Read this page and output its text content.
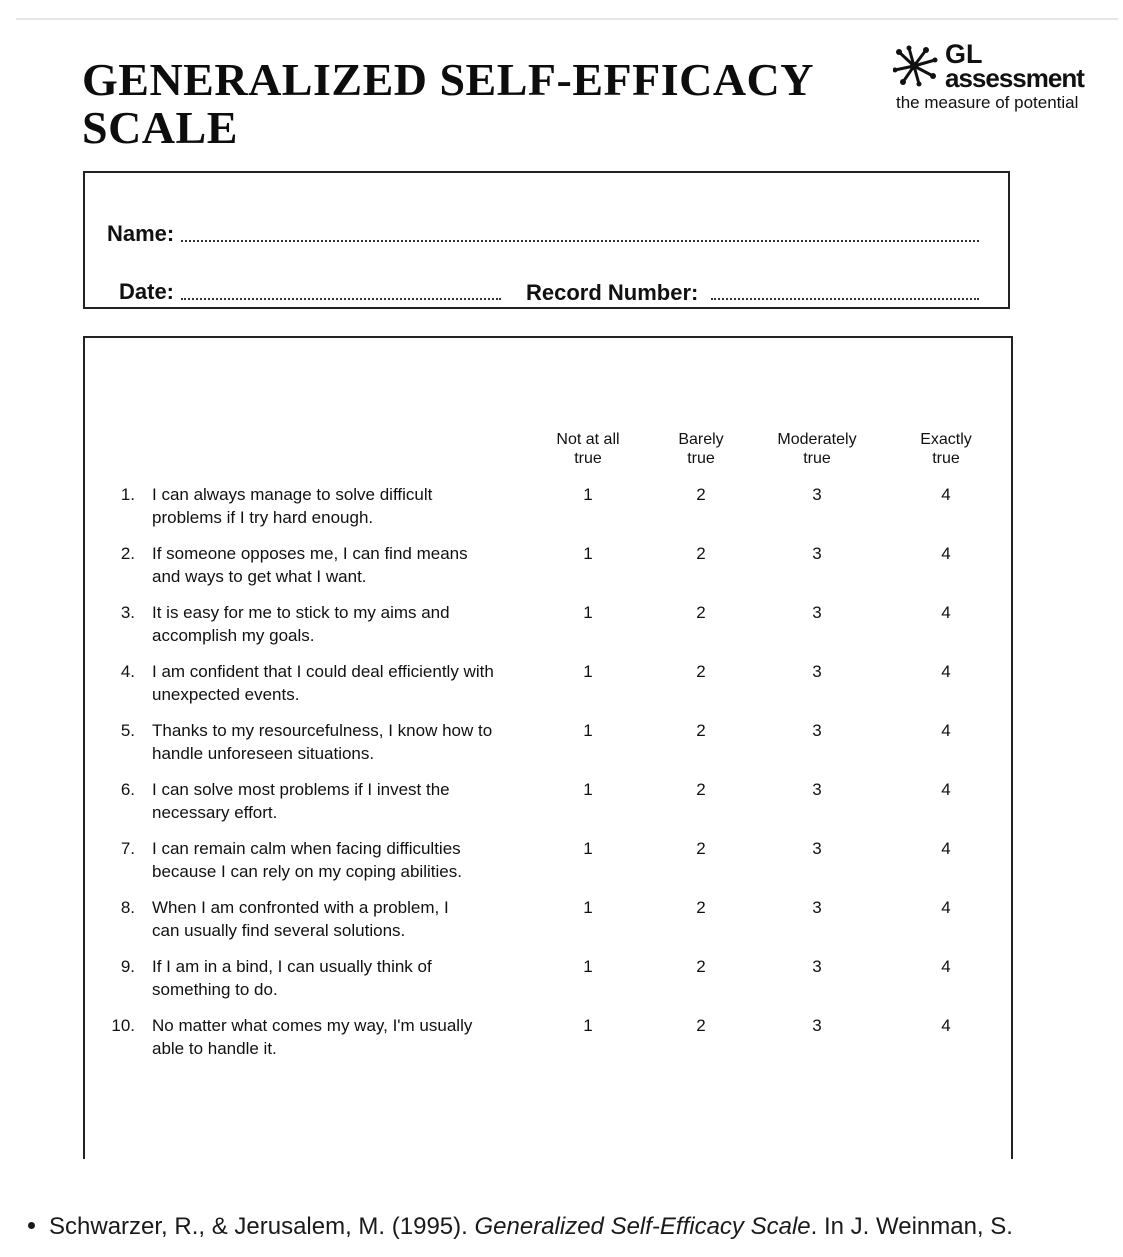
GENERALIZED SELF-EFFICACY
SCALE
GL
assessment
the measure of potential
Name:
Date:	Record Number:
Not at all
true
Barely
true
Moderately
true
Exactly
true
1. I can always manage to solve difficult
problems if I try hard enough.
1	2	3	4
2. If someone opposes me, I can find means
and ways to get what I want.
1	2	3	4
3. It is easy for me to stick to my aims and
accomplish my goals.
1	2	3	4
4. I am confident that I could deal efficiently with
unexpected events.
1	2	3	4
5. Thanks to my resourcefulness, I know how to
handle unforeseen situations.
1	2	3	4
6. I can solve most problems if I invest the
necessary effort.
1	2	3	4
7. I can remain calm when facing difficulties
because I can rely on my coping abilities.
1	2	3	4
8. When I am confronted with a problem, I
can usually find several solutions.
1	2	3	4
9. If I am in a bind, I can usually think of
something to do.
1	2	3	4
10. No matter what comes my way, I'm usually
able to handle it.
1	2	3	4
Schwarzer, R., & Jerusalem, M. (1995). Generalized Self-Efficacy Scale. In J. Weinman, S.
